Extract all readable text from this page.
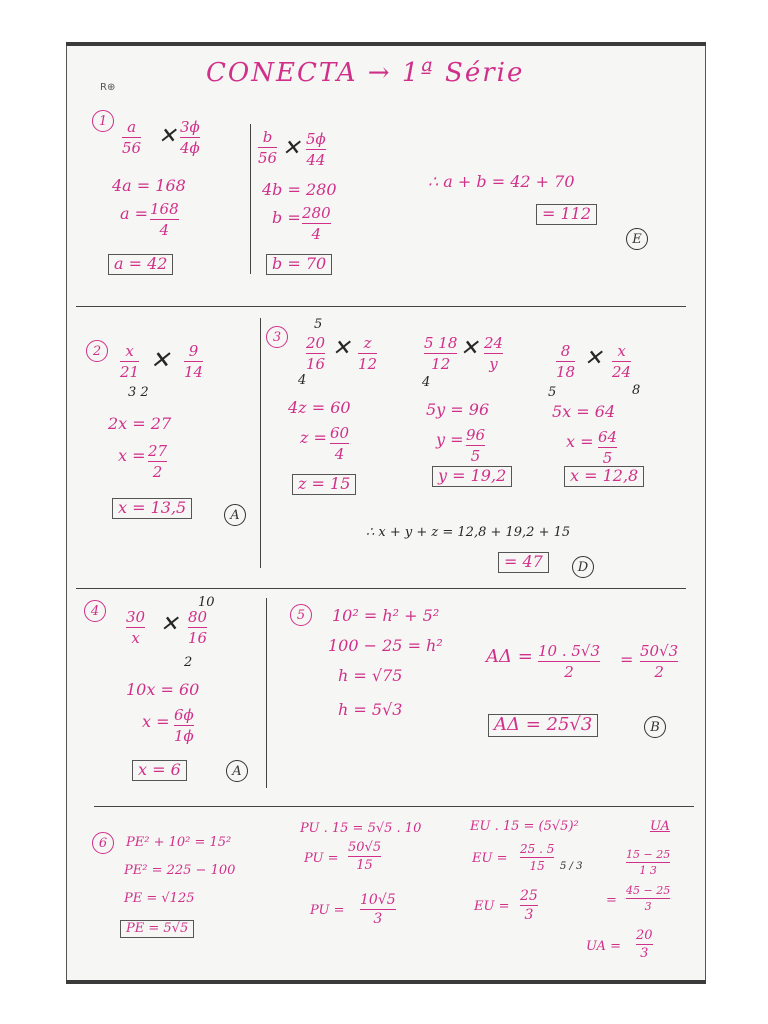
R⊕	CONECTA → 1ª Série
1	a
56 ✕ 3ϕ
4ϕ
4a = 168
a = 168
4
a = 42
b
56 ✕ 5ϕ
44
4b = 280
b = 280
4
b = 70
∴ a + b = 42 + 70
= 112
E
2	x
21 ✕ 9
14
3 2
2x = 27
x = 27
2
x = 13,5	A
3
5
20
16
4
✕ z
12
4z = 60
z = 60
4
z = 15
5 18
12
4
✕ 24
y
5y = 96
y = 96
5
y = 19,2
8
18
5
✕ x
24
8
5x = 64
x = 64
5
x = 12,8
∴ x + y + z = 12,8 + 19,2 + 15
= 47	D
4
10
30
x
✕ 80
16
2
10x = 60
x = 6ϕ
1ϕ
x = 6	A
5	10² = h² + 5²
100 − 25 = h²
h = √75
h = 5√3
AΔ = 10 . 5√3
2
= 50√3
2
AΔ = 25√3	B
6	PE² + 10² = 15²
PE² = 225 − 100
PE = √125
PE = 5√5
PU . 15 = 5√5 . 10
PU =
50√5
15
PU =
10√5
3
EU . 15 = (5√5)²	UA
EU =
25 . 5
15 5 / 3
EU =
25
3
15 − 25
1 3
=
45 − 25
3
UA =
20
3
